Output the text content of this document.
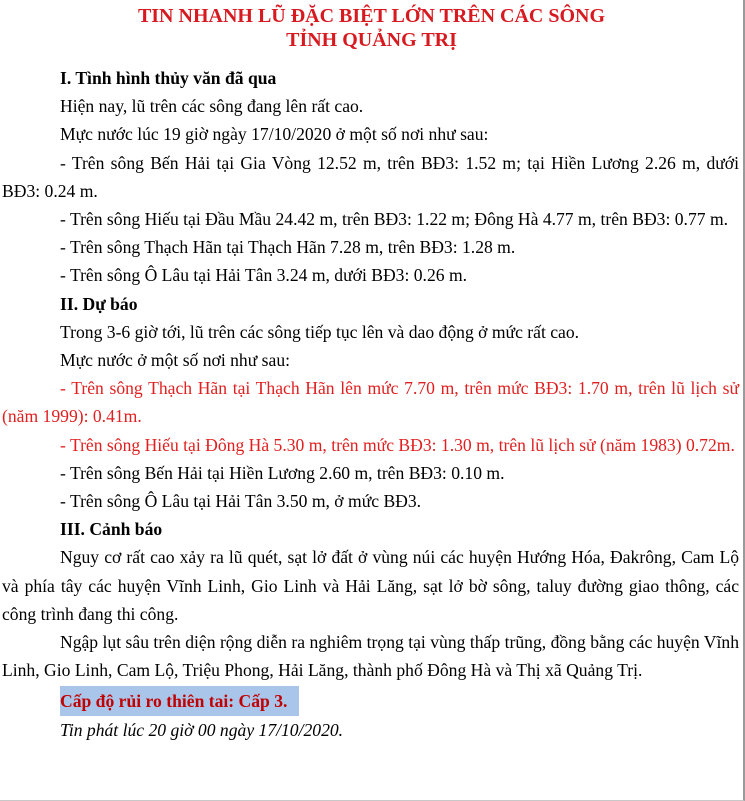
TIN NHANH LŨ ĐẶC BIỆT LỚN TRÊN CÁC SÔNG
TỈNH QUẢNG TRỊ

I. Tình hình thủy văn đã qua

Hiện nay, lũ trên các sông đang lên rất cao.

Mực nước lúc 19 giờ ngày 17/10/2020 ở một số nơi như sau:

- Trên sông Bến Hải tại Gia Vòng 12.52 m, trên BĐ3: 1.52 m; tại Hiền Lương 2.26 m, dưới BĐ3: 0.24 m.

- Trên sông Hiếu tại Đầu Mầu 24.42 m, trên BĐ3: 1.22 m; Đông Hà 4.77 m, trên BĐ3: 0.77 m.

- Trên sông Thạch Hãn tại Thạch Hãn 7.28 m, trên BĐ3: 1.28 m.

- Trên sông Ô Lâu tại Hải Tân 3.24 m, dưới BĐ3: 0.26 m.

II. Dự báo

Trong 3-6 giờ tới, lũ trên các sông tiếp tục lên và dao động ở mức rất cao.

Mực nước ở một số nơi như sau:

- Trên sông Thạch Hãn tại Thạch Hãn lên mức 7.70 m, trên mức BĐ3: 1.70 m, trên lũ lịch sử (năm 1999): 0.41m.

- Trên sông Hiếu tại Đông Hà 5.30 m, trên mức BĐ3: 1.30 m, trên lũ lịch sử (năm 1983) 0.72m.

- Trên sông Bến Hải tại Hiền Lương 2.60 m, trên BĐ3: 0.10 m.

- Trên sông Ô Lâu tại Hải Tân 3.50 m, ở mức BĐ3.

III. Cảnh báo

Nguy cơ rất cao xảy ra lũ quét, sạt lở đất ở vùng núi các huyện Hướng Hóa, Đakrông, Cam Lộ và phía tây các huyện Vĩnh Linh, Gio Linh và Hải Lăng, sạt lở bờ sông, taluy đường giao thông, các công trình đang thi công.

Ngập lụt sâu trên diện rộng diễn ra nghiêm trọng tại vùng thấp trũng, đồng bằng các huyện Vĩnh Linh, Gio Linh, Cam Lộ, Triệu Phong, Hải Lăng, thành phố Đông Hà và Thị xã Quảng Trị.

Cấp độ rủi ro thiên tai: Cấp 3.

Tin phát lúc 20 giờ 00 ngày 17/10/2020.
